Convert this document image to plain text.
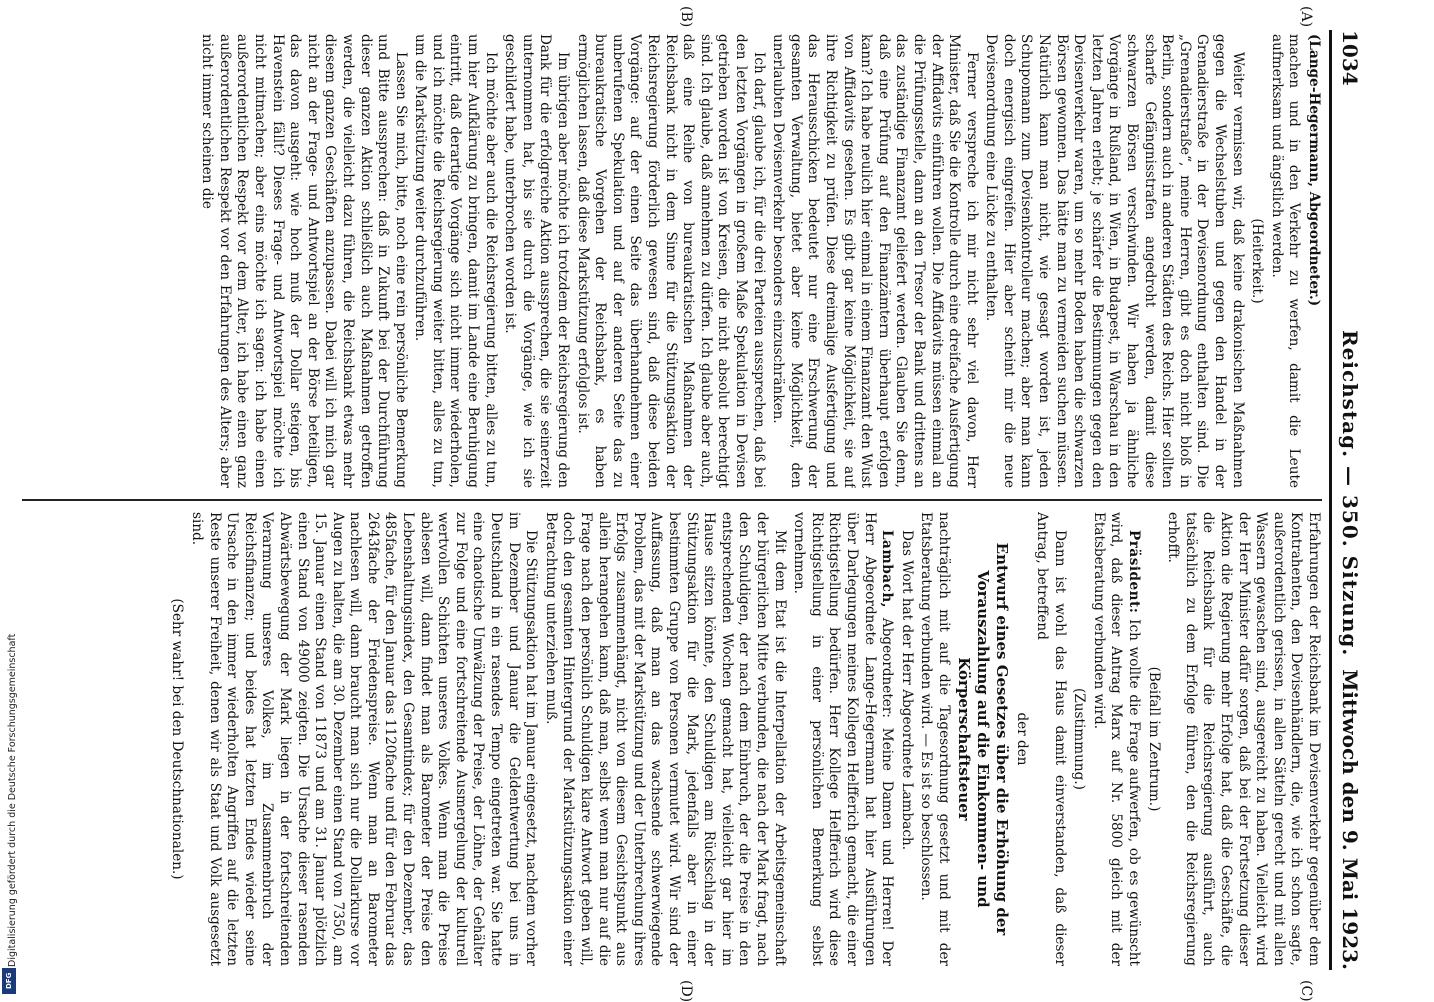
1034
Reichstag. — 350. Sitzung.
Mittwoch den 9. Mai 1923.
(A)
(B)
(C)
(D)

(Lange-Hegermann, Abgeordneter.)

machen und in den Verkehr zu werfen, damit die Leute aufmerksam und ängstlich werden.

(Heiterkeit.)

Weiter vermissen wir, daß keine drakonischen Maßnahmen gegen die Wechselstuben und gegen den Handel in der Grenadierstraße in der Devisenordnung enthalten sind. Die „Grenadierstraße“, meine Herren, gibt es doch nicht bloß in Berlin, sondern auch in anderen Städten des Reichs. Hier sollten scharfe Gefängnisstrafen angedroht werden, damit diese schwarzen Börsen verschwinden. Wir haben ja ähnliche Vorgänge in Rußland, in Wien, in Budapest, in Warschau in den letzten Jahren erlebt; je schärfer die Bestimmungen gegen den Devisenverkehr waren, um so mehr Boden haben die schwarzen Börsen gewonnen. Das hätte man zu vermeiden suchen müssen. Natürlich kann man nicht, wie gesagt worden ist, jeden Schupomann zum Devisenkontrolleur machen; aber man kann doch energisch eingreifen. Hier aber scheint mir die neue Devisenordnung eine Lücke zu enthalten.

Ferner verspreche ich mir nicht sehr viel davon, Herr Minister, daß Sie die Kontrolle durch eine dreifache Ausfertigung der Affidavits einführen wollen. Die Affidavits müssen einmal an die Prüfungsstelle, dann an den Tresor der Bank und drittens an das zuständige Finanzamt geliefert werden. Glauben Sie denn, daß eine Prüfung auf den Finanzämtern überhaupt erfolgen kann? Ich habe neulich hier einmal in einem Finanzamt den Wust von Affidavits gesehen. Es gibt gar keine Möglichkeit, sie auf ihre Richtigkeit zu prüfen. Diese dreimalige Ausfertigung und das Herausschicken bedeutet nur eine Erschwerung der gesamten Verwaltung, bietet aber keine Möglichkeit, den unerlaubten Devisenverkehr besonders einzuschränken.

Ich darf, glaube ich, für die drei Parteien aussprechen, daß bei den letzten Vorgängen in großem Maße Spekulation in Devisen getrieben worden ist von Kreisen, die nicht absolut berechtigt sind. Ich glaube, daß annehmen zu dürfen. Ich glaube aber auch, daß eine Reihe von bureaukratischen Maßnahmen der Reichsbank nicht in dem Sinne für die Stützungsaktion der Reichsregierung förderlich gewesen sind, daß diese beiden Vorgänge: auf der einen Seite das überhandnehmen einer unberufenen Spekulation und auf der anderen Seite das zu bureaukratische Vorgehen der Reichsbank, es haben ermöglichen lassen, daß diese Markstützung erfolglos ist.

Im übrigen aber möchte ich trotzdem der Reichsregierung den Dank für die erfolgreiche Aktion aussprechen, die sie seinerzeit unternommen hat, bis sie durch die Vorgänge, wie ich sie geschildert habe, unterbrochen worden ist.

Ich möchte aber auch die Reichsregierung bitten, alles zu tun, um hier Aufklärung zu bringen, damit im Lande eine Beruhigung eintritt, daß derartige Vorgänge sich nicht immer wiederholen, und ich möchte die Reichsregierung weiter bitten, alles zu tun, um die Markstützung weiter durchzuführen.

Lassen Sie mich, bitte, noch eine rein persönliche Bemerkung und Bitte aussprechen: daß in Zukunft bei der Durchführung dieser ganzen Aktion schließlich auch Maßnahmen getroffen werden, die vielleicht dazu führen, die Reichsbank etwas mehr diesem ganzen Geschäften anzupassen. Dabei will ich mich gar nicht an der Frage- und Antwortspiel an der Börse beteiligen, das davon ausgeht: wie hoch muß der Dollar steigen, bis Havenstein fällt? Dieses Frage- und Antwortspiel möchte ich nicht mitmachen; aber eins möchte ich sagen: ich habe einen außerordentlichen Respekt vor dem Alter, ich habe einen ganz außerordentlichen Respekt vor den Erfahrungen des Alters; aber nicht immer scheinen die

Erfahrungen der Reichsbank im Devisenverkehr gegenüber dem Kontrahenten, den Devisenhändlern, die, wie ich schon sagte, außerordentlich gerissen, in allen Sätteln gerecht und mit allen Wassern gewaschen sind, ausgereicht zu haben. Vielleicht wird der Herr Minister dafür sorgen, daß bei der Fortsetzung dieser Aktion die Regierung mehr Erfolge hat, daß die Geschäfte, die die Reichsbank für die Reichsregierung ausführt, auch tatsächlich zu dem Erfolge führen, den die Reichsregierung erhofft.

(Beifall im Zentrum.)

Präsident: Ich wollte die Frage aufwerfen, ob es gewünscht wird, daß dieser Antrag Marx auf Nr. 5800 gleich mit der Etatsberatung verbunden wird.

(Zustimmung.)

Dann ist wohl das Haus damit einverstanden, daß dieser Antrag, betreffend

der den

Entwurf eines Gesetzes über die Erhöhung der Vorauszahlung auf die Einkommen- und Körperschaftsteuer

nachträglich mit auf die Tagesordnung gesetzt und mit der Etatsberatung verbunden wird. — Es ist so beschlossen.

Das Wort hat der Herr Abgeordnete Lambach.

Lambach, Abgeordneter: Meine Damen und Herren! Der Herr Abgeordnete Lange-Hegermann hat hier Ausführungen über Darlegungen meines Kollegen Helfferich gemacht, die einer Richtigstellung bedürfen. Herr Kollege Helfferich wird diese Richtigstellung in einer persönlichen Bemerkung selbst vornehmen.

Mit dem Etat ist die Interpellation der Arbeitsgemeinschaft der bürgerlichen Mitte verbunden, die nach der Mark fragt, nach den Schuldigen, der nach dem Einbruch, der die Preise in den entsprechenden Wochen gemacht hat, vielleicht gar hier im Hause sitzen könnte, den Schuldigen am Rückschlag in der Stützungsaktion für die Mark, jedenfalls aber in einer bestimmten Gruppe von Personen vermutet wird. Wir sind der Auffassung, daß man an das wachsende schwerwiegende Problem, das mit der Markstützung und der Unterbrechung ihres Erfolgs zusammenhängt, nicht von diesem Gesichtspunkt aus allein herangehen kann, daß man, selbst wenn man nur auf die Frage nach den persönlich Schuldigen klare Antwort geben will, doch den gesamten Hintergrund der Markstützungsaktion einer Betrachtung unterziehen muß.

Die Stützungsaktion hat im Januar eingesetzt, nachdem vorher im Dezember und Januar die Geldentwertung bei uns in Deutschland in ein rasendes Tempo eingetreten war. Sie hatte eine chaotische Umwälzung der Preise, der Löhne, der Gehälter zur Folge und eine fortschreitende Ausmergelung der kulturell wertvollen Schichten unseres Volkes. Wenn man die Preise ablesen will, dann findet man als Barometer der Preise den Lebenshaltungsindex, den Gesamtindex; für den Dezember, das 485fache, für den Januar das 1120fache und für den Februar das 2643fache der Friedenspreise. Wenn man an Barometer nachlesen will, dann braucht man sich nur die Dollarkurse vor Augen zu halten, die am 30. Dezember einen Stand von 7350, am 15. Januar einen Stand von 11873 und am 31. Januar plötzlich einen Stand von 49000 zeigten. Die Ursache dieser rasenden Abwärtsbewegung der Mark liegen in der fortschreitenden Verarmung unseres Volkes, im Zusammenbruch der Reichsfinanzen; und beides hat letzten Endes wieder seine Ursache in den immer wiederholten Angriffen auf die letzten Reste unserer Freiheit, denen wir als Staat und Volk ausgesetzt sind.

(Sehr wahr! bei den Deutschnationalen.)

Digitalisierung gefördert durch die Deutsche Forschungsgemeinschaft
DFG
